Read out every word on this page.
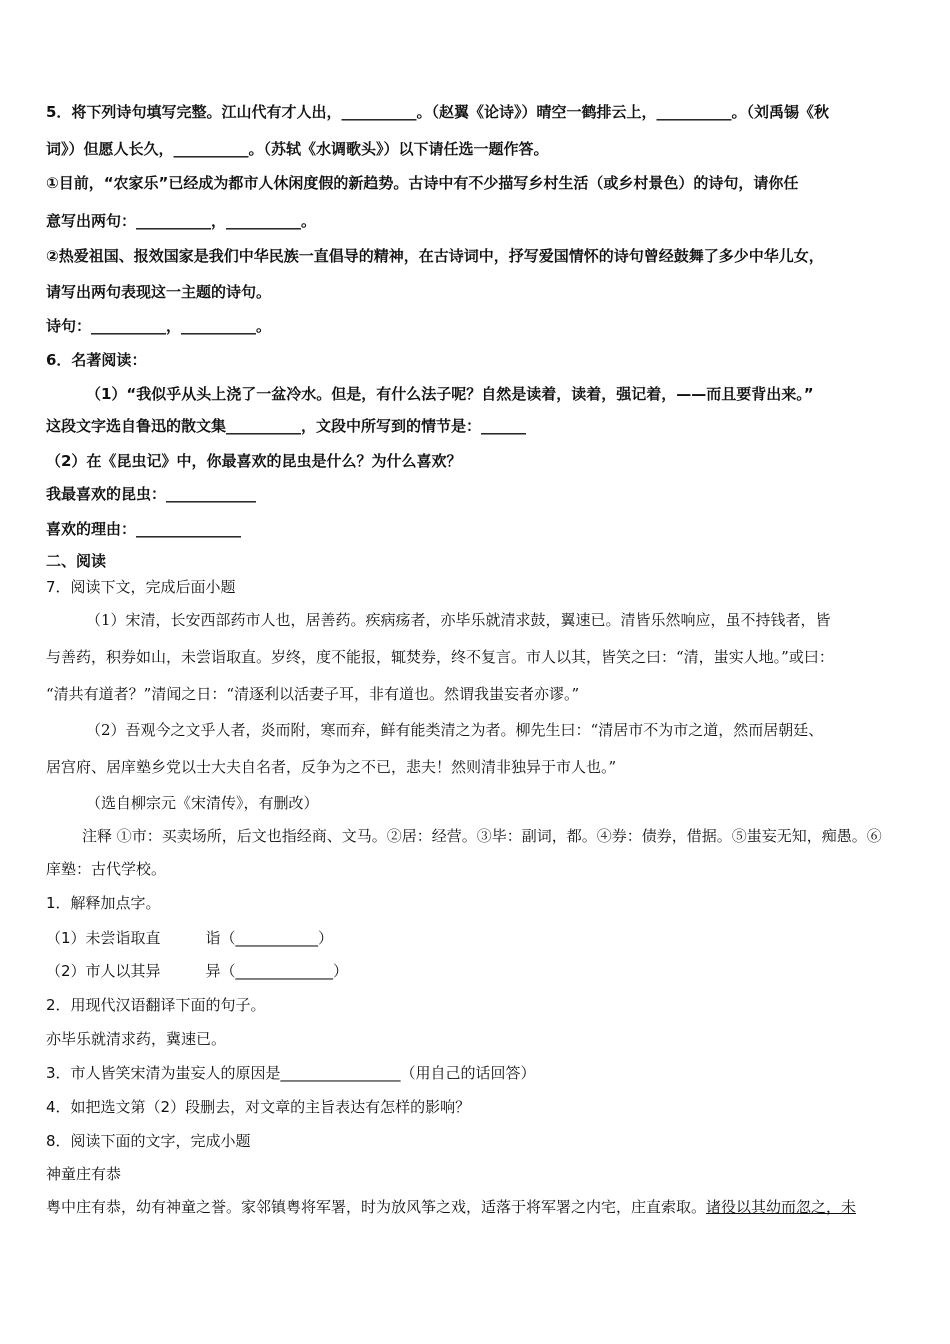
5．将下列诗句填写完整。江山代有才人出，__________。（赵翼《论诗》）晴空一鹤排云上，__________。（刘禹锡《秋
词》）但愿人长久，__________。（苏轼《水调歌头》）以下请任选一题作答。
①目前，“农家乐”已经成为都市人休闲度假的新趋势。古诗中有不少描写乡村生活（或乡村景色）的诗句，请你任
意写出两句：__________，__________。
②热爱祖国、报效国家是我们中华民族一直倡导的精神，在古诗词中，抒写爱国情怀的诗句曾经鼓舞了多少中华儿女，
请写出两句表现这一主题的诗句。
诗句：__________，__________。
6．名著阅读：
（1）“我似乎从头上浇了一盆冷水。但是，有什么法子呢？自然是读着，读着，强记着，——而且要背出来。”
这段文字选自鲁迅的散文集__________，文段中所写到的情节是：______
（2）在《昆虫记》中，你最喜欢的昆虫是什么？为什么喜欢？
我最喜欢的昆虫：____________
喜欢的理由：______________
二、阅读
7．阅读下文，完成后面小题
（1）宋清，长安西部药市人也，居善药。疾病疡者，亦毕乐就清求鼓，翼速已。清皆乐然响应，虽不持钱者，皆
与善药，积券如山，未尝诣取直。岁终，度不能报，辄焚券，终不复言。市人以其，皆笑之曰：“清，蚩实人地。”或曰：
“清共有道者？”清闻之日：“清逐利以活妻子耳，非有道也。然谓我蚩妄者亦谬。”
（2）吾观今之文乎人者，炎而附，寒而弃，鲜有能类清之为者。柳先生曰：“清居市不为市之道，然而居朝廷、
居宫府、居庠塾乡党以士大夫自名者，反争为之不已，悲夫！然则清非独异于市人也。”
（选自柳宗元《宋清传》，有删改）
注释 ①市：买卖场所，后文也指经商、文马。②居：经营。③毕：副词，都。④券：债券，借据。⑤蚩妄无知，痴愚。⑥
庠塾：古代学校。
1．解释加点字。
（1）未尝诣取直　　　诣（___________）
（2）市人以其异　　　异（_____________）
2．用现代汉语翻译下面的句子。
亦毕乐就清求药，冀速已。
3．市人皆笑宋清为蚩妄人的原因是________________（用自己的话回答）
4．如把选文第（2）段删去，对文章的主旨表达有怎样的影响？
8．阅读下面的文字，完成小题
神童庄有恭
粤中庄有恭，幼有神童之誉。家邻镇粤将军署，时为放风筝之戏，适落于将军署之内宅，庄直索取。诸役以其幼而忽之，未
